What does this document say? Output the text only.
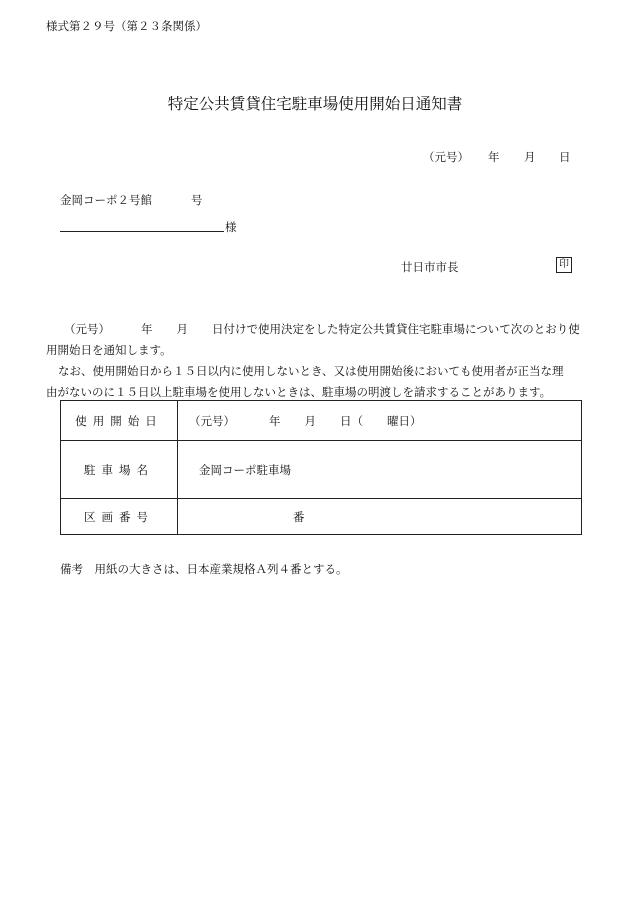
様式第２９号（第２３条関係）
特定公共賃貸住宅駐車場使用開始日通知書
（元号） 年 月 日
金岡コーポ２号館	号
様
廿日市市長	印
（元号）	年 月 日付けで使用決定をした特定公共賃貸住宅駐車場について次のとおり使
用開始日を通知します。
なお、使用開始日から１５日以内に使用しないとき、又は使用開始後においても使用者が正当な理
由がないのに１５日以上駐車場を使用しないときは、駐車場の明渡しを請求することがあります。
使用開始日	（元号）	年 月 日（ 曜日）
駐車場名	金岡コーポ駐車場
区画番号	番
備考　用紙の大きさは、日本産業規格Ａ列４番とする。
